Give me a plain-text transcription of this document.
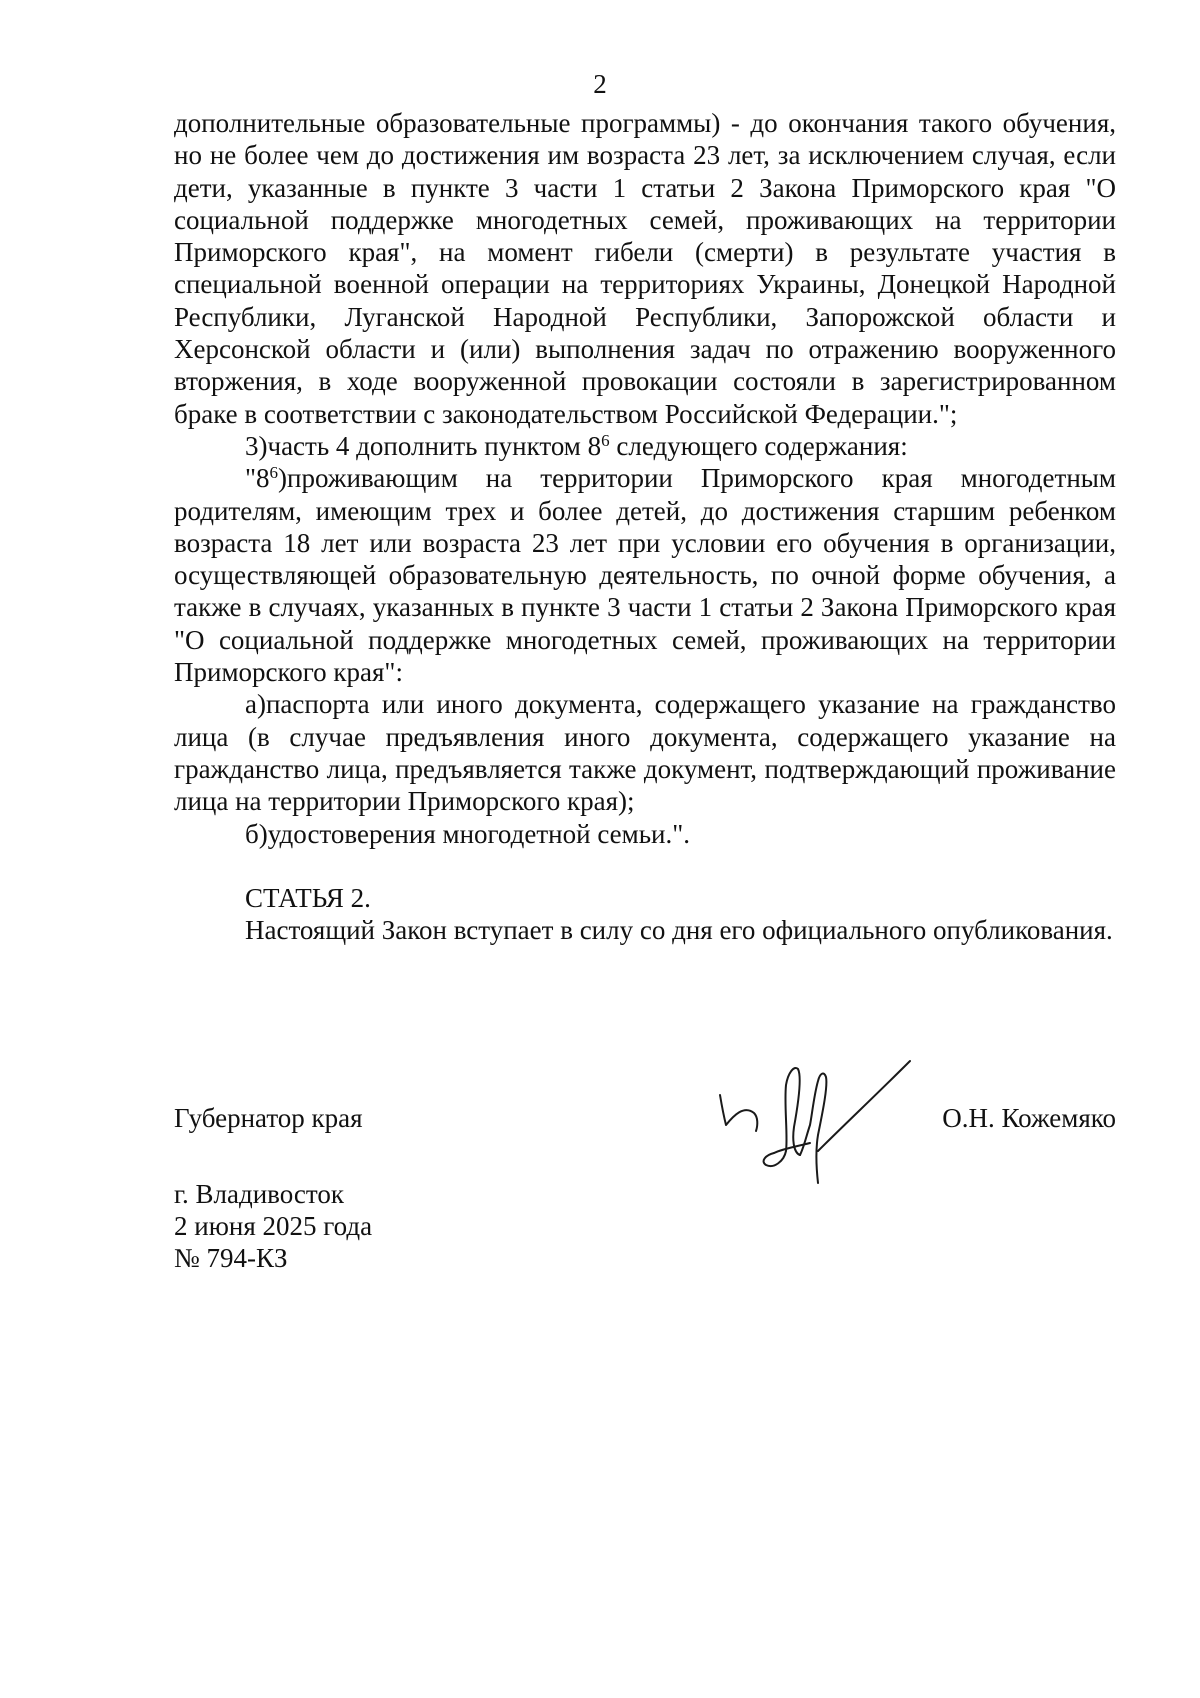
2

дополнительные образовательные программы) - до окончания такого обучения, но не более чем до достижения им возраста 23 лет, за исключением случая, если дети, указанные в пункте 3 части 1 статьи 2 Закона Приморского края "О социальной поддержке многодетных семей, проживающих на территории Приморского края", на момент гибели (смерти) в результате участия в специальной военной операции на территориях Украины, Донецкой Народной Республики, Луганской Народной Республики, Запорожской области и Херсонской области и (или) выполнения задач по отражению вооруженного вторжения, в ходе вооруженной провокации состояли в зарегистрированном браке в соответствии с законодательством Российской Федерации.";

3)часть 4 дополнить пунктом $8^6$ следующего содержания:

"$8^6)проживающим$ на территории Приморского края многодетным родителям, имеющим трех и более детей, до достижения старшим ребенком возраста 18 лет или возраста 23 лет при условии его обучения в организации, осуществляющей образовательную деятельность, по очной форме обучения, а также в случаях, указанных в пункте 3 части 1 статьи 2 Закона Приморского края "О социальной поддержке многодетных семей, проживающих на территории Приморского края":

а)паспорта или иного документа, содержащего указание на гражданство лица (в случае предъявления иного документа, содержащего указание на гражданство лица, предъявляется также документ, подтверждающий проживание лица на территории Приморского края);

б)удостоверения многодетной семьи.".

СТАТЬЯ 2.

Настоящий Закон вступает в силу со дня его официального опубликования.

Губернатор края	О.Н. Кожемяко
г. Владивосток
2 июня 2025 года
№ 794-КЗ
